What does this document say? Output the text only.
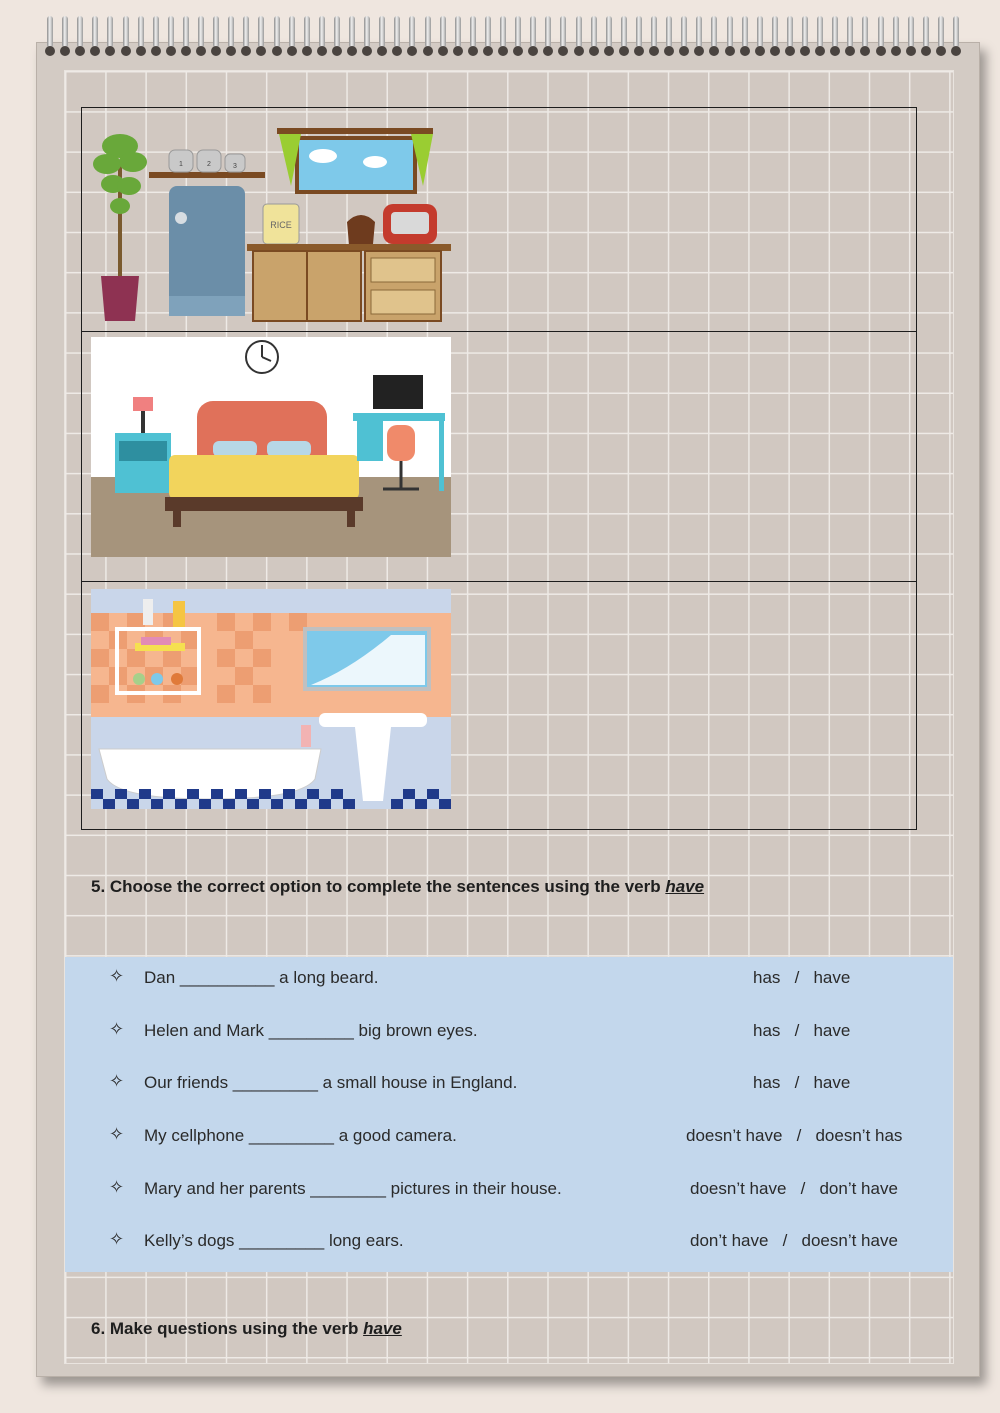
1	2	3
RICE
5. Choose the correct option to complete the sentences using the verb have
✧ Dan __________ a long beard.	has   /   have
✧ Helen and Mark _________ big brown eyes.	has   /   have
✧ Our friends _________ a small house in England.	has   /   have
✧ My cellphone _________ a good camera.	doesn’t have   /   doesn’t has
✧ Mary and her parents ________ pictures in their house.	doesn’t have   /   don’t have
✧ Kelly’s dogs _________ long ears.	don’t have   /   doesn’t have
6. Make questions using the verb have
